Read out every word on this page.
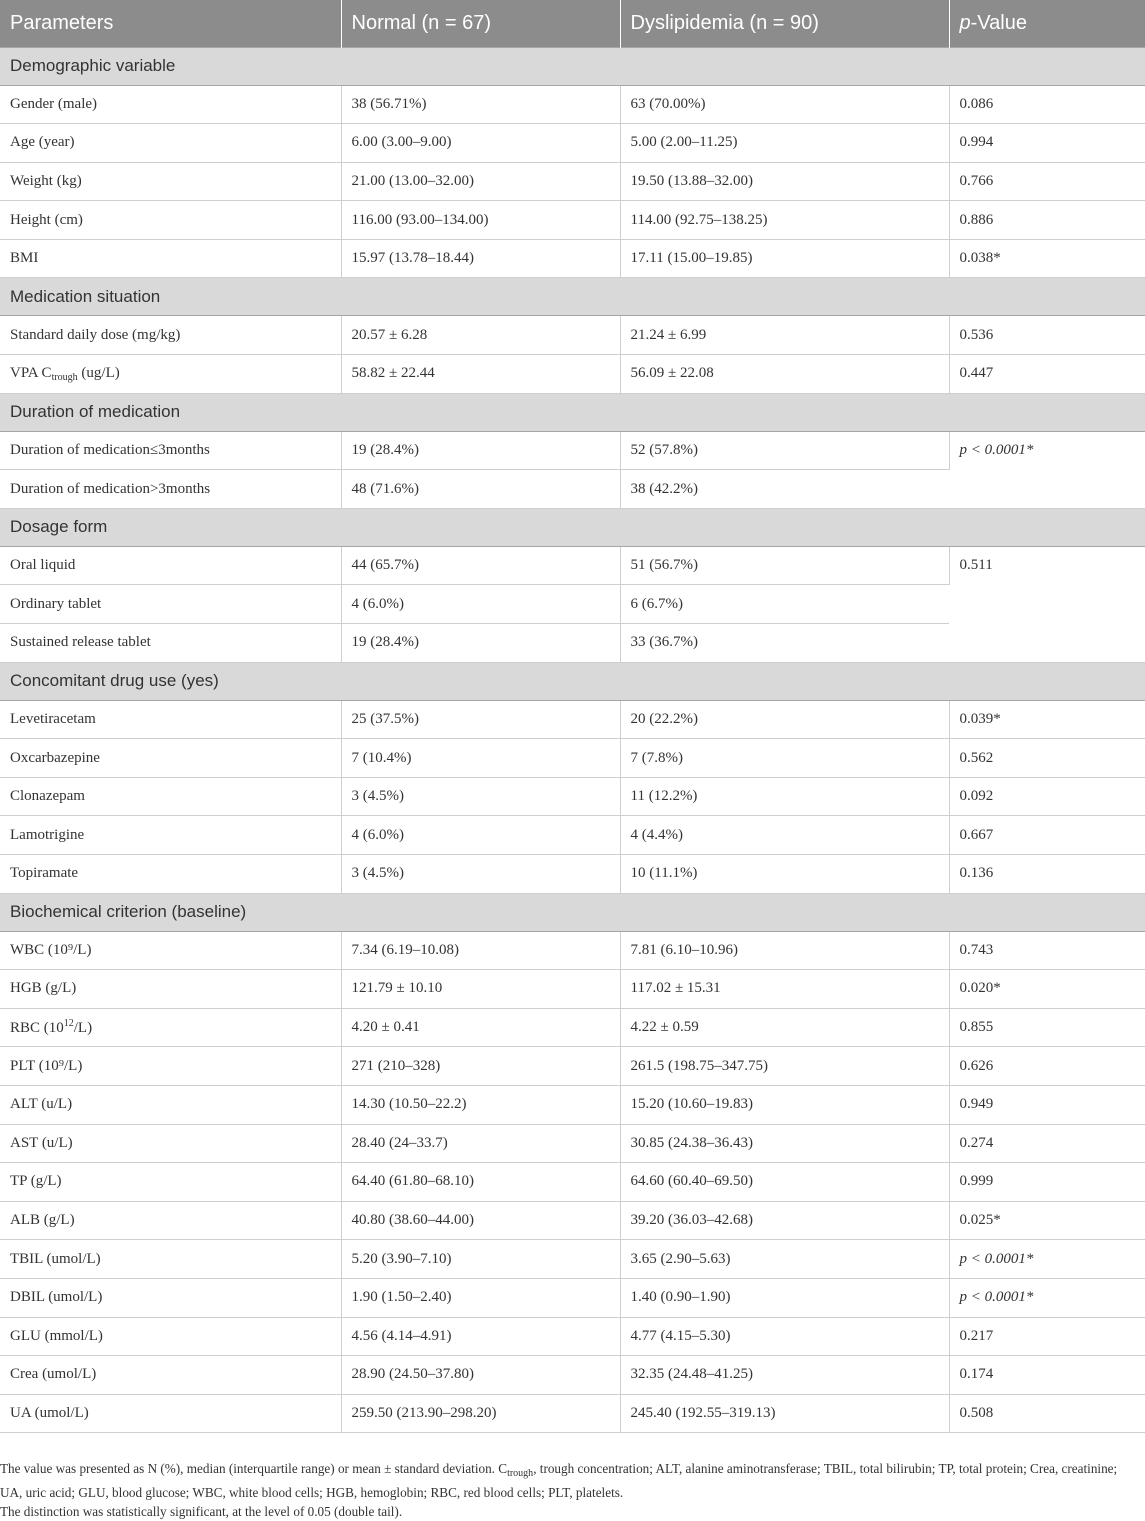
Parameters	Normal (n = 67)	Dyslipidemia (n = 90)	p-Value
Demographic variable			
Gender (male)	38 (56.71%)	63 (70.00%)	0.086
Age (year)	6.00 (3.00–9.00)	5.00 (2.00–11.25)	0.994
Weight (kg)	21.00 (13.00–32.00)	19.50 (13.88–32.00)	0.766
Height (cm)	116.00 (93.00–134.00)	114.00 (92.75–138.25)	0.886
BMI	15.97 (13.78–18.44)	17.11 (15.00–19.85)	0.038*
Medication situation			
Standard daily dose (mg/kg)	20.57 ± 6.28	21.24 ± 6.99	0.536
VPA $C_{trough}$ (ug/L)	58.82 ± 22.44	56.09 ± 22.08	0.447
Duration of medication			
Duration of medication≤3months	19 (28.4%)	52 (57.8%)	p < 0.0001*
Duration of medication>3months	48 (71.6%)	38 (42.2%)	
Dosage form			
Oral liquid	44 (65.7%)	51 (56.7%)	0.511
Ordinary tablet	4 (6.0%)	6 (6.7%)	
Sustained release tablet	19 (28.4%)	33 (36.7%)	
Concomitant drug use (yes)			
Levetiracetam	25 (37.5%)	20 (22.2%)	0.039*
Oxcarbazepine	7 (10.4%)	7 (7.8%)	0.562
Clonazepam	3 (4.5%)	11 (12.2%)	0.092
Lamotrigine	4 (6.0%)	4 (4.4%)	0.667
Topiramate	3 (4.5%)	10 (11.1%)	0.136
Biochemical criterion (baseline)			
WBC (10⁹/L)	7.34 (6.19–10.08)	7.81 (6.10–10.96)	0.743
HGB (g/L)	121.79 ± 10.10	117.02 ± 15.31	0.020*
RBC $(10^{12}/L)$	4.20 ± 0.41	4.22 ± 0.59	0.855
PLT (10⁹/L)	271 (210–328)	261.5 (198.75–347.75)	0.626
ALT (u/L)	14.30 (10.50–22.2)	15.20 (10.60–19.83)	0.949
AST (u/L)	28.40 (24–33.7)	30.85 (24.38–36.43)	0.274
TP (g/L)	64.40 (61.80–68.10)	64.60 (60.40–69.50)	0.999
ALB (g/L)	40.80 (38.60–44.00)	39.20 (36.03–42.68)	0.025*
TBIL (umol/L)	5.20 (3.90–7.10)	3.65 (2.90–5.63)	p < 0.0001*
DBIL (umol/L)	1.90 (1.50–2.40)	1.40 (0.90–1.90)	p < 0.0001*
GLU (mmol/L)	4.56 (4.14–4.91)	4.77 (4.15–5.30)	0.217
Crea (umol/L)	28.90 (24.50–37.80)	32.35 (24.48–41.25)	0.174
UA (umol/L)	259.50 (213.90–298.20)	245.40 (192.55–319.13)	0.508

The value was presented as N (%), median (interquartile range) or mean ± standard deviation. $C_{trough}$, trough concentration; ALT, alanine aminotransferase; TBIL, total bilirubin; TP, total protein; Crea, creatinine; UA, uric acid; GLU, blood glucose; WBC, white blood cells; HGB, hemoglobin; RBC, red blood cells; PLT, platelets.

The distinction was statistically significant, at the level of 0.05 (double tail).
